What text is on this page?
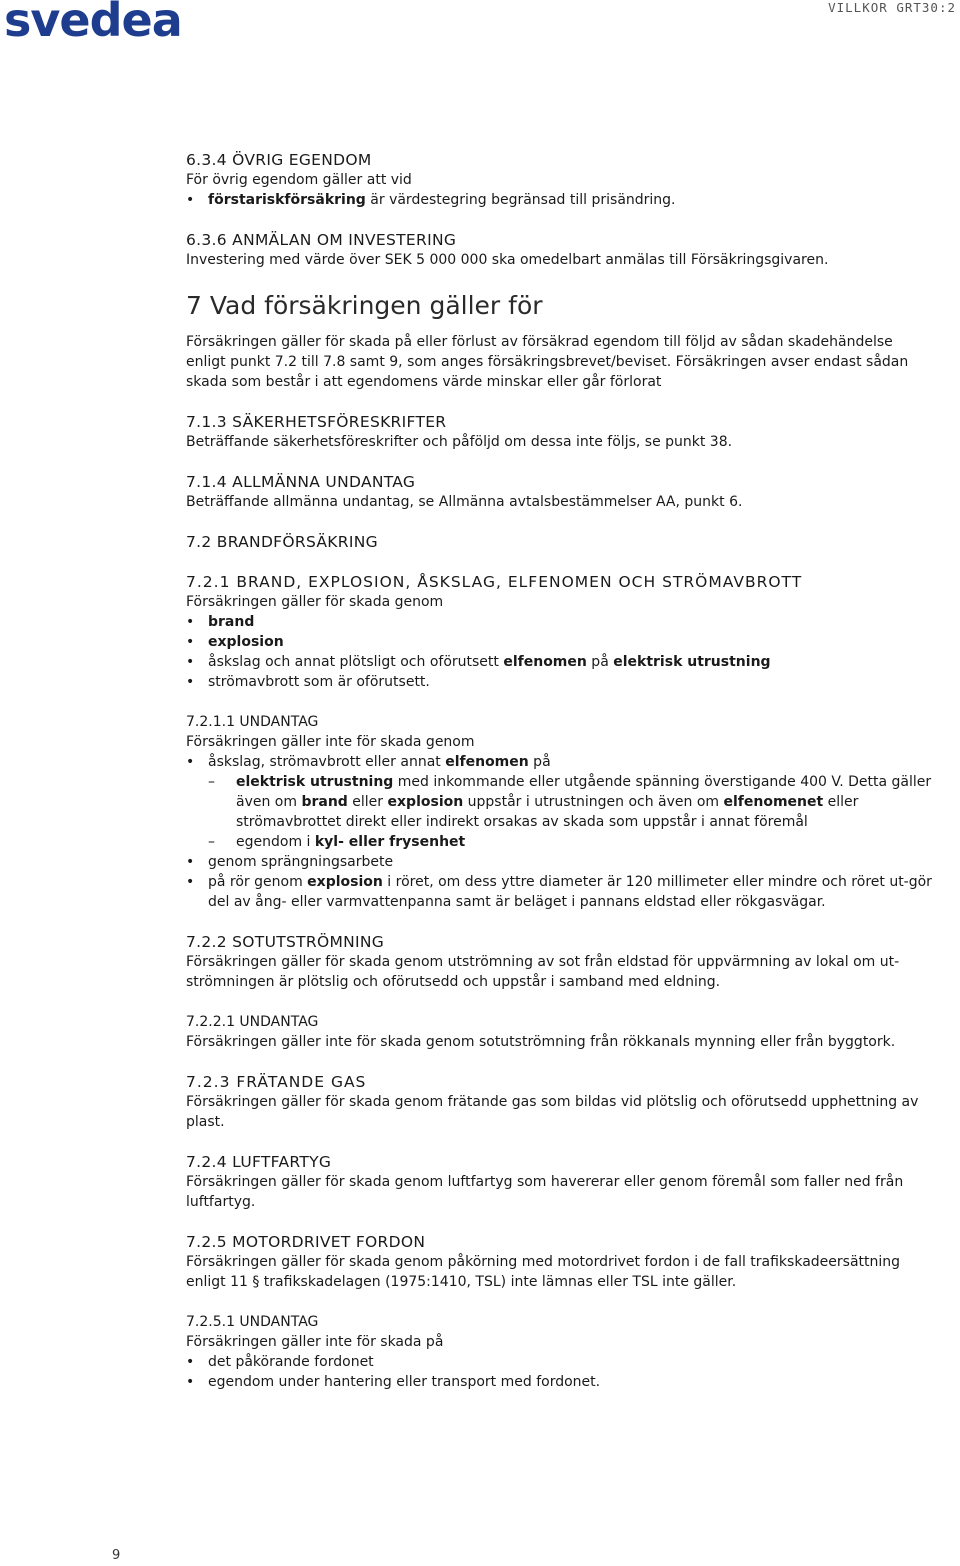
svedea	VILLKOR GRT30:2
6.3.4 ÖVRIG EGENDOM

För övrig egendom gäller att vid

• förstariskförsäkring är värdestegring begränsad till prisändring.
6.3.6 ANMÄLAN OM INVESTERING

Investering med värde över SEK 5 000 000 ska omedelbart anmälas till Försäkringsgivaren.

7 Vad försäkringen gäller för

Försäkringen gäller för skada på eller förlust av försäkrad egendom till följd av sådan skadehändelse enligt punkt 7.2 till 7.8 samt 9, som anges försäkringsbrevet/beviset. Försäkringen avser endast sådan skada som består i att egendomens värde minskar eller går förlorat

7.1.3 SÄKERHETSFÖRESKRIFTER

Beträffande säkerhetsföreskrifter och påföljd om dessa inte följs, se punkt 38.

7.1.4 ALLMÄNNA UNDANTAG

Beträffande allmänna undantag, se Allmänna avtalsbestämmelser AA, punkt 6.

7.2 BRANDFÖRSÄKRING
7.2.1 BRAND, EXPLOSION, ÅSKSLAG, ELFENOMEN OCH STRÖMAVBROTT

Försäkringen gäller för skada genom

• brand
• explosion
• åskslag och annat plötsligt och oförutsett elfenomen på elektrisk utrustning
• strömavbrott som är oförutsett.
7.2.1.1 UNDANTAG

Försäkringen gäller inte för skada genom

• åskslag, strömavbrott eller annat elfenomen på
– elektrisk utrustning med inkommande eller utgående spänning överstigande 400 V. Detta gäller även om brand eller explosion uppstår i utrustningen och även om elfenomenet eller strömavbrottet direkt eller indirekt orsakas av skada som uppstår i annat föremål
– egendom i kyl- eller frysenhet
• genom sprängningsarbete
• på rör genom explosion i röret, om dess yttre diameter är 120 millimeter eller mindre och röret ut-gör del av ång- eller varmvattenpanna samt är beläget i pannans eldstad eller rökgasvägar.
7.2.2 SOTUTSTRÖMNING

Försäkringen gäller för skada genom utströmning av sot från eldstad för uppvärmning av lokal om ut-strömningen är plötslig och oförutsedd och uppstår i samband med eldning.

7.2.2.1 UNDANTAG

Försäkringen gäller inte för skada genom sotutströmning från rökkanals mynning eller från byggtork.

7.2.3 FRÄTANDE GAS

Försäkringen gäller för skada genom frätande gas som bildas vid plötslig och oförutsedd upphettning av plast.

7.2.4 LUFTFARTYG

Försäkringen gäller för skada genom luftfartyg som havererar eller genom föremål som faller ned från luftfartyg.

7.2.5 MOTORDRIVET FORDON

Försäkringen gäller för skada genom påkörning med motordrivet fordon i de fall trafikskadeersättning enligt 11 § trafikskadelagen (1975:1410, TSL) inte lämnas eller TSL inte gäller.

7.2.5.1 UNDANTAG

Försäkringen gäller inte för skada på

• det påkörande fordonet
• egendom under hantering eller transport med fordonet.
9
